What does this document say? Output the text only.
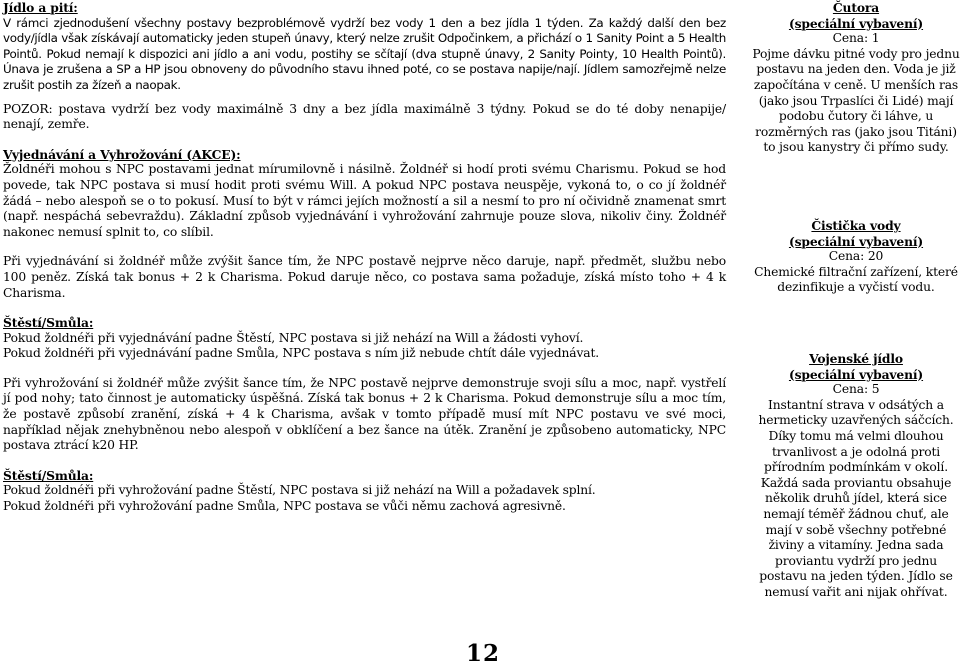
Jídlo a pití:

V rámci zjednodušení všechny postavy bezproblémově vydrží bez vody 1 den a bez jídla 1 týden. Za každý další den bez vody/jídla však získávají automaticky jeden stupeň únavy, který nelze zrušit Odpočinkem, a přichází o 1 Sanity Point a 5 Health Pointů. Pokud nemají k dispozici ani jídlo a ani vodu, postihy se sčítají (dva stupně únavy, 2 Sanity Pointy, 10 Health Pointů). Únava je zrušena a SP a HP jsou obnoveny do původního stavu ihned poté, co se postava napije/nají. Jídlem samozřejmě nelze zrušit postih za žízeň a naopak.

POZOR: postava vydrží bez vody maximálně 3 dny a bez jídla maximálně 3 týdny. Pokud se do té doby nenapije/ nenají, zemře.

Vyjednávání a Vyhrožování (AKCE):

Žoldnéři mohou s NPC postavami jednat mírumilovně i násilně. Žoldnéř si hodí proti svému Charismu. Pokud se hod povede, tak NPC postava si musí hodit proti svému Will. A pokud NPC postava neuspěje, vykoná to, o co jí žoldnéř žádá – nebo alespoň se o to pokusí. Musí to být v rámci jejích možností a sil a nesmí to pro ní očividně znamenat smrt (např. nespáchá sebevraždu). Základní způsob vyjednávání i vyhrožování zahrnuje pouze slova, nikoliv činy. Žoldnéř nakonec nemusí splnit to, co slíbil.

Při vyjednávání si žoldnéř může zvýšit šance tím, že NPC postavě nejprve něco daruje, např. předmět, službu nebo 100 peněz. Získá tak bonus + 2 k Charisma. Pokud daruje něco, co postava sama požaduje, získá místo toho + 4 k Charisma.

Štěstí/Smůla:

Pokud žoldnéři při vyjednávání padne Štěstí, NPC postava si již nehází na Will a žádosti vyhoví.

Pokud žoldnéři při vyjednávání padne Smůla, NPC postava s ním již nebude chtít dále vyjednávat.

Při vyhrožování si žoldnéř může zvýšit šance tím, že NPC postavě nejprve demonstruje svoji sílu a moc, např. vystřelí jí pod nohy; tato činnost je automaticky úspěšná. Získá tak bonus + 2 k Charisma. Pokud demonstruje sílu a moc tím, že postavě způsobí zranění, získá + 4 k Charisma, avšak v tomto případě musí mít NPC postavu ve své moci, například nějak znehybněnou nebo alespoň v obklíčení a bez šance na útěk. Zranění je způsobeno automaticky, NPC postava ztrácí k20 HP.

Štěstí/Smůla:

Pokud žoldnéři při vyhrožování padne Štěstí, NPC postava si již nehází na Will a požadavek splní.

Pokud žoldnéři při vyhrožování padne Smůla, NPC postava se vůči němu zachová agresivně.

Čutora
(speciální vybavení)
Cena: 1
Pojme dávku pitné vody pro jednu postavu na jeden den. Voda je již započítána v ceně. U menších ras (jako jsou Trpaslíci či Lidé) mají podobu čutory či láhve, u rozměrných ras (jako jsou Titáni) to jsou kanystry či přímo sudy.
Čistička vody
(speciální vybavení)
Cena: 20
Chemické filtrační zařízení, které dezinfikuje a vyčistí vodu.
Vojenské jídlo
(speciální vybavení)
Cena: 5
Instantní strava v odsátých a hermeticky uzavřených sáčcích. Díky tomu má velmi dlouhou trvanlivost a je odolná proti přírodním podmínkám v okolí. Každá sada proviantu obsahuje několik druhů jídel, která sice nemají téměř žádnou chuť, ale mají v sobě všechny potřebné živiny a vitamíny. Jedna sada proviantu vydrží pro jednu postavu na jeden týden. Jídlo se nemusí vařit ani nijak ohřívat.
12
